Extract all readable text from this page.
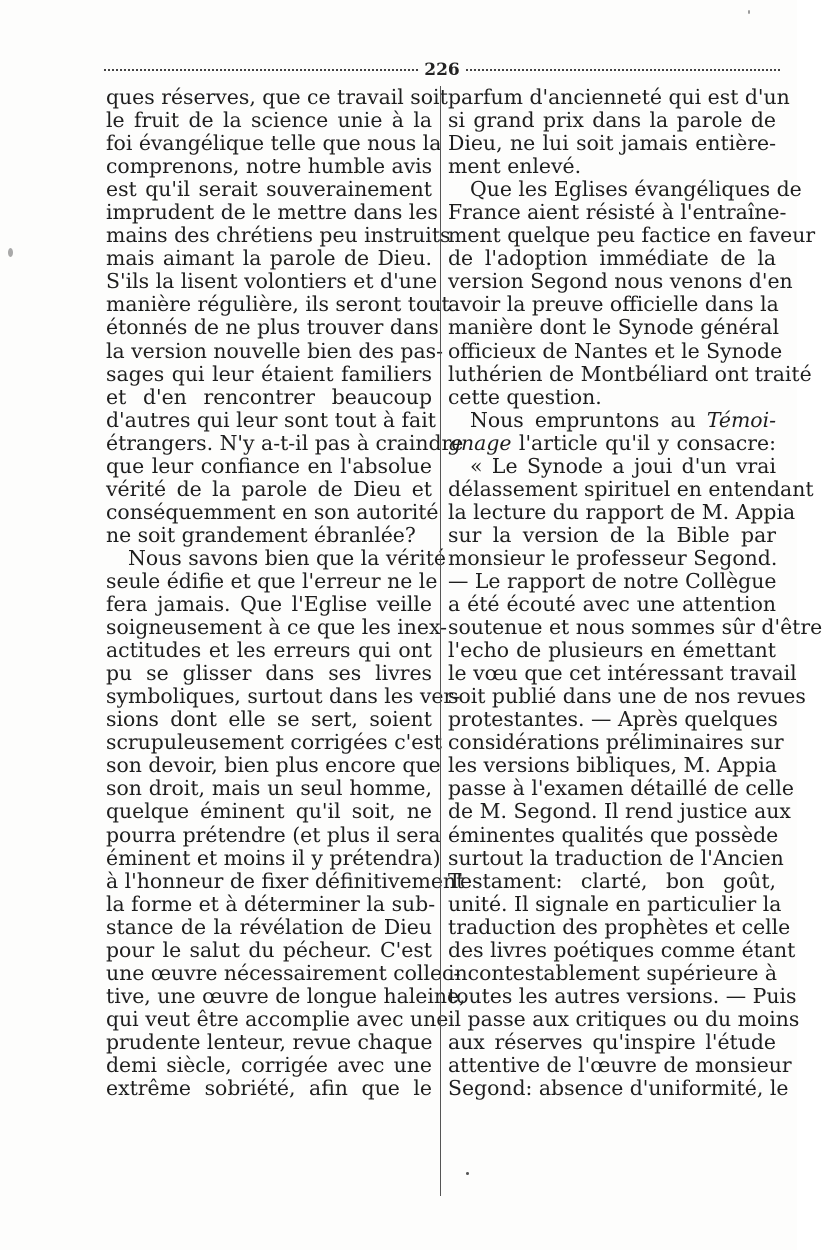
226
ques réserves, que ce travail soit
le fruit de la science unie à la
foi évangélique telle que nous la
comprenons, notre humble avis
est qu'il serait souverainement
imprudent de le mettre dans les
mains des chrétiens peu instruits
mais aimant la parole de Dieu.
S'ils la lisent volontiers et d'une
manière régulière, ils seront tout
étonnés de ne plus trouver dans
la version nouvelle bien des pas-
sages qui leur étaient familiers
et d'en rencontrer beaucoup
d'autres qui leur sont tout à fait
étrangers. N'y a-t-il pas à craindre
que leur confiance en l'absolue
vérité de la parole de Dieu et
conséquemment en son autorité
ne soit grandement ébranlée?
Nous savons bien que la vérité
seule édifie et que l'erreur ne le
fera jamais. Que l'Eglise veille
soigneusement à ce que les inex-
actitudes et les erreurs qui ont
pu se glisser dans ses livres
symboliques, surtout dans les ver-
sions dont elle se sert, soient
scrupuleusement corrigées c'est
son devoir, bien plus encore que
son droit, mais un seul homme,
quelque éminent qu'il soit, ne
pourra prétendre (et plus il sera
éminent et moins il y prétendra)
à l'honneur de fixer définitivement
la forme et à déterminer la sub-
stance de la révélation de Dieu
pour le salut du pécheur. C'est
une œuvre nécessairement collec-
tive, une œuvre de longue haleine,
qui veut être accomplie avec une
prudente lenteur, revue chaque
demi siècle, corrigée avec une
extrême sobriété, afin que le
parfum d'ancienneté qui est d'un
si grand prix dans la parole de
Dieu, ne lui soit jamais entière-
ment enlevé.
Que les Eglises évangéliques de
France aient résisté à l'entraîne-
ment quelque peu factice en faveur
de l'adoption immédiate de la
version Segond nous venons d'en
avoir la preuve officielle dans la
manière dont le Synode général
officieux de Nantes et le Synode
luthérien de Montbéliard ont traité
cette question.
Nous empruntons au Témoi-
gnage l'article qu'il y consacre:
« Le Synode a joui d'un vrai
délassement spirituel en entendant
la lecture du rapport de M. Appia
sur la version de la Bible par
monsieur le professeur Segond.
— Le rapport de notre Collègue
a été écouté avec une attention
soutenue et nous sommes sûr d'être
l'echo de plusieurs en émettant
le vœu que cet intéressant travail
soit publié dans une de nos revues
protestantes. — Après quelques
considérations préliminaires sur
les versions bibliques, M. Appia
passe à l'examen détaillé de celle
de M. Segond. Il rend justice aux
éminentes qualités que possède
surtout la traduction de l'Ancien
Testament: clarté, bon goût,
unité. Il signale en particulier la
traduction des prophètes et celle
des livres poétiques comme étant
incontestablement supérieure à
toutes les autres versions. — Puis
il passe aux critiques ou du moins
aux réserves qu'inspire l'étude
attentive de l'œuvre de monsieur
Segond: absence d'uniformité, le
